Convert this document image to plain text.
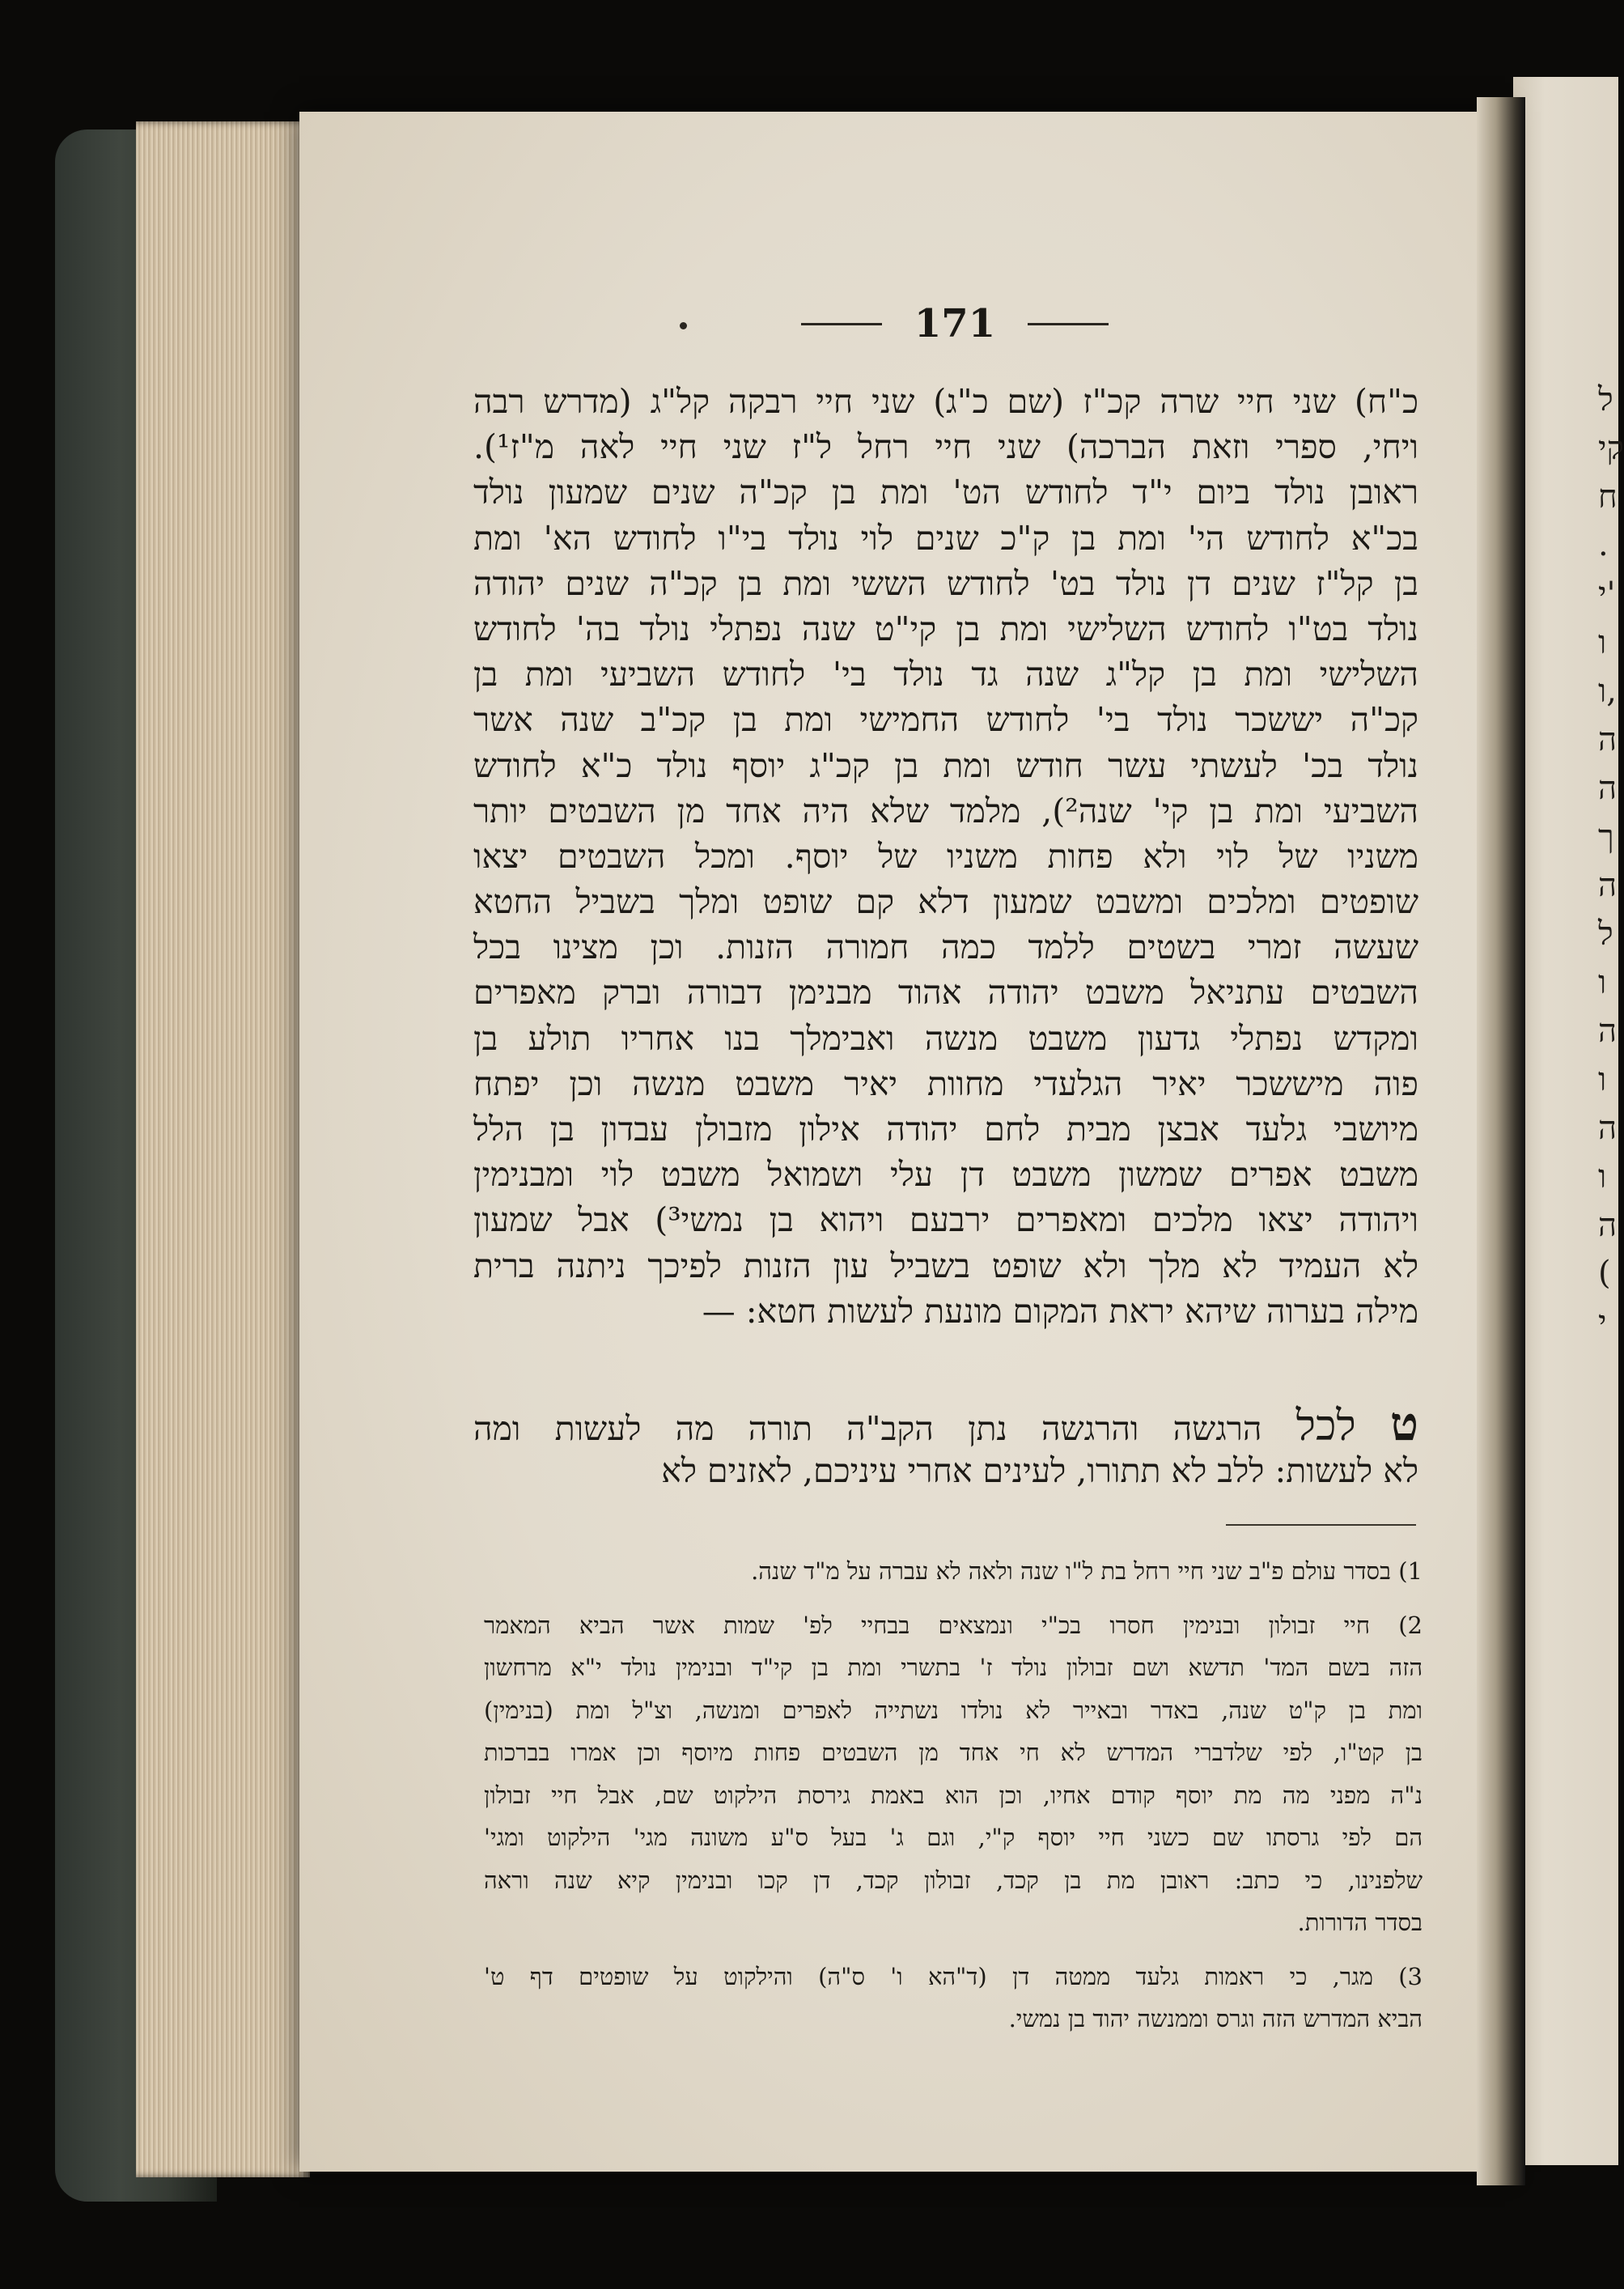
ל
קי
ח
.
י'
ו
ו,
ה
ה
ך
ה
ל
ו
ה
ו
ה
ו
ה
(
י
171
כ"ח) שני חיי שרה קכ"ז (שם כ"ג) שני חיי רבקה קל"ג (מדרש רבה
ויחי, ספרי וזאת הברכה) שני חיי רחל ל"ז שני חיי לאה מ"ז¹).
ראובן נולד ביום י"ד לחודש הט' ומת בן קכ"ה שנים שמעון נולד
בכ"א לחודש הי' ומת בן ק"כ שנים לוי נולד בי"ו לחודש הא' ומת
בן קל"ז שנים דן נולד בט' לחודש הששי ומת בן קכ"ה שנים יהודה
נולד בט"ו לחודש השלישי ומת בן קי"ט שנה נפתלי נולד בה' לחודש
השלישי ומת בן קל"ג שנה גד נולד בי' לחודש השביעי ומת בן
קכ"ה יששכר נולד בי' לחודש החמישי ומת בן קכ"ב שנה אשר
נולד בכ' לעשתי עשר חודש ומת בן קכ"ג יוסף נולד כ"א לחודש
השביעי ומת בן קי' שנה²), מלמד שלא היה אחד מן השבטים יותר
משניו של לוי ולא פחות משניו של יוסף. ומכל השבטים יצאו
שופטים ומלכים ומשבט שמעון דלא קם שופט ומלך בשביל החטא
שעשה זמרי בשטים ללמד כמה חמורה הזנות. וכן מצינו בכל
השבטים עתניאל משבט יהודה אהוד מבנימן דבורה וברק מאפרים
ומקדש נפתלי גדעון משבט מנשה ואבימלך בנו אחריו תולע בן
פוה מיששכר יאיר הגלעדי מחוות יאיר משבט מנשה וכן יפתח
מיושבי גלעד אבצן מבית לחם יהודה אילון מזבולן עבדון בן הלל
משבט אפרים שמשון משבט דן עלי ושמואל משבט לוי ומבנימין
ויהודה יצאו מלכים ומאפרים ירבעם ויהוא בן נמשי³) אבל שמעון
לא העמיד לא מלך ולא שופט בשביל עון הזנות לפיכך ניתנה ברית
מילה בערוה שיהא יראת המקום מונעת לעשות חטא: —
ט לכל הרגשה והרגשה נתן הקב"ה תורה מה לעשות ומה
לא לעשות: ללב לא תתורו, לעינים אחרי עיניכם, לאזנים לא
1) בסדר עולם פ"ב שני חיי רחל בת ל"ו שנה ולאה לא עברה על מ"ד שנה.
2) חיי זבולון ובנימין חסרו בכ"י ונמצאים בבחיי לפ' שמות אשר הביא המאמר
הזה בשם המד' תדשא ושם זבולון נולד ז' בתשרי ומת בן קי"ד ובנימין נולד י"א מרחשון
ומת בן ק"ט שנה, באדר ובאייר לא נולדו נשתייה לאפרים ומנשה, וצ"ל ומת (בנימין)
בן קט"ו, לפי שלדברי המדרש לא חי אחד מן השבטים פחות מיוסף וכן אמרו בברכות
נ"ה מפני מה מת יוסף קודם אחיו, וכן הוא באמת גירסת הילקוט שם, אבל חיי זבולון
הם לפי גרסתו שם כשני חיי יוסף ק"י, וגם ג' בעל ס"ע משונה מגי' הילקוט ומגי'
שלפנינו, כי כתב: ראובן מת בן קכד, זבולון קכד, דן קכו ובנימין קיא שנה וראה
בסדר הדורות.
3) מגר, כי ראמות גלעד ממטה דן (ד"הא ו' ס"ה) והילקוט על שופטים דף ט'
הביא המדרש הזה וגרס וממנשה יהוד בן נמשי.
